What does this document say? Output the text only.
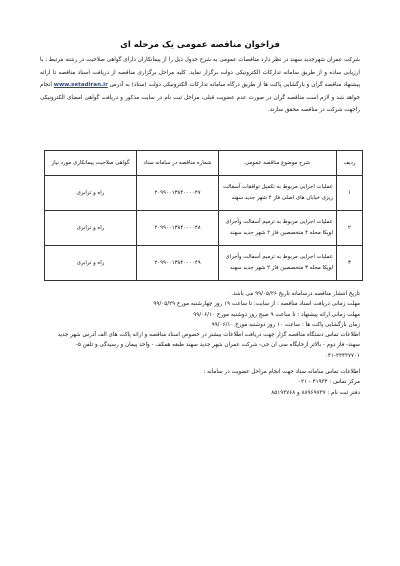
فراخوان مناقصه عمومی یک مرحله ای
شرکت عمران شهرجدید سهند در نظر دارد مناقصات عمومی به شرح جدول ذیل را از پیمانکاران دارای گواهی صلاحیت در رشته مرتبط ، با ارزیابی ساده و از طریق سامانه تدارکات الکترونیکی دولت برگزار نماید. کلیه مراحل برگزاری مناقصه از دریافت اسناد مناقصه تا ارائه پیشنهاد مناقصه گران و بازگشایی پاکت ها از طریق درگاه سامانه تدارکات الکترونیکی دولت (ستاد) به آدرس www.setadiran.ir انجام خواهد شد و لازم است مناقصه گران در صورت عدم عضویت قبلی، مراحل ثبت نام در سایت مذکور و دریافت گواهی امضای الکترونیکی راجهت شرکت در مناقصه محقق سازند.
ردیف	شرح موضوع مناقصه عمومی	شماره مناقصه در سامانه ستاد	گواهی صلاحیت پیمانکاری مورد نیاز
۱	عملیات اجرایی مربوط به تکمیل توافقات آسفالت ریزی خیابان های اصلی فاز ۴ شهر جدید سهند	۲۰۹۹۰۰۱۳۸۴۰۰۰۰۴۷	راه و ترابری
۲	عملیات اجرایی مربوط به ترمیم آسفالت وآجرای لوپکا محله ۴ متخصصین فاز ۲ شهر جدید سهند	۲۰۹۹۰۰۱۳۸۴۰۰۰۰۴۸	راه و ترابری
۳	عملیات اجرایی مربوط به ترمیم آسفالت وآجرای لوپکا محله ۳ متخصصین فاز ۲ شهر جدید سهند	۲۰۹۹۰۰۱۳۸۴۰۰۰۰۴۹	راه و ترابری

تاریخ انتشار مناقصه درسامانه تاریخ ۹۹/۰۵/۲۶ می باشد.

مهلت زمانی دریافت اسناد مناقصه : از سایت: تا ساعت ۱۹ روز چهارشنبه مورخ ۹۹/۰۵/۲۹

مهلت زمانی ارائه پیشنهاد : تا ساعت ۹ صبح روز دوشنبه مورخ ۹۹/۰۶/۱۰

زمان بازگشایی پاکت ها : ساعت ۱۰ روز دوشنبه مورخ ۹۹/۰۶/۱۰

اطلاعات تماس دستگاه مناقصه گزار جهت دریافت اطلاعات بیشتر در خصوص اسناد مناقصه و ارائه پاکت های الف آدرس شهر جدید

سهند- فاز دوم - بالاتر ازجایگاه سی ان جی- شرکت عمران شهر جدید سهند طبقه همکف - واحد پیمان و رسیدگی و تلفن ۵-

۰۴۱-۳۳۴۳۷۷۰۱

اطلاعات تماس سامانه ستاد جهت انجام مراحل عضویت در سامانه :

مرکز تماس : ۴۱۹۳۴ - ۰۲۱

دفتر ثبت نام : ۸۸۹۶۹۷۳۷ و ۸۵۱۹۳۷۶۸
